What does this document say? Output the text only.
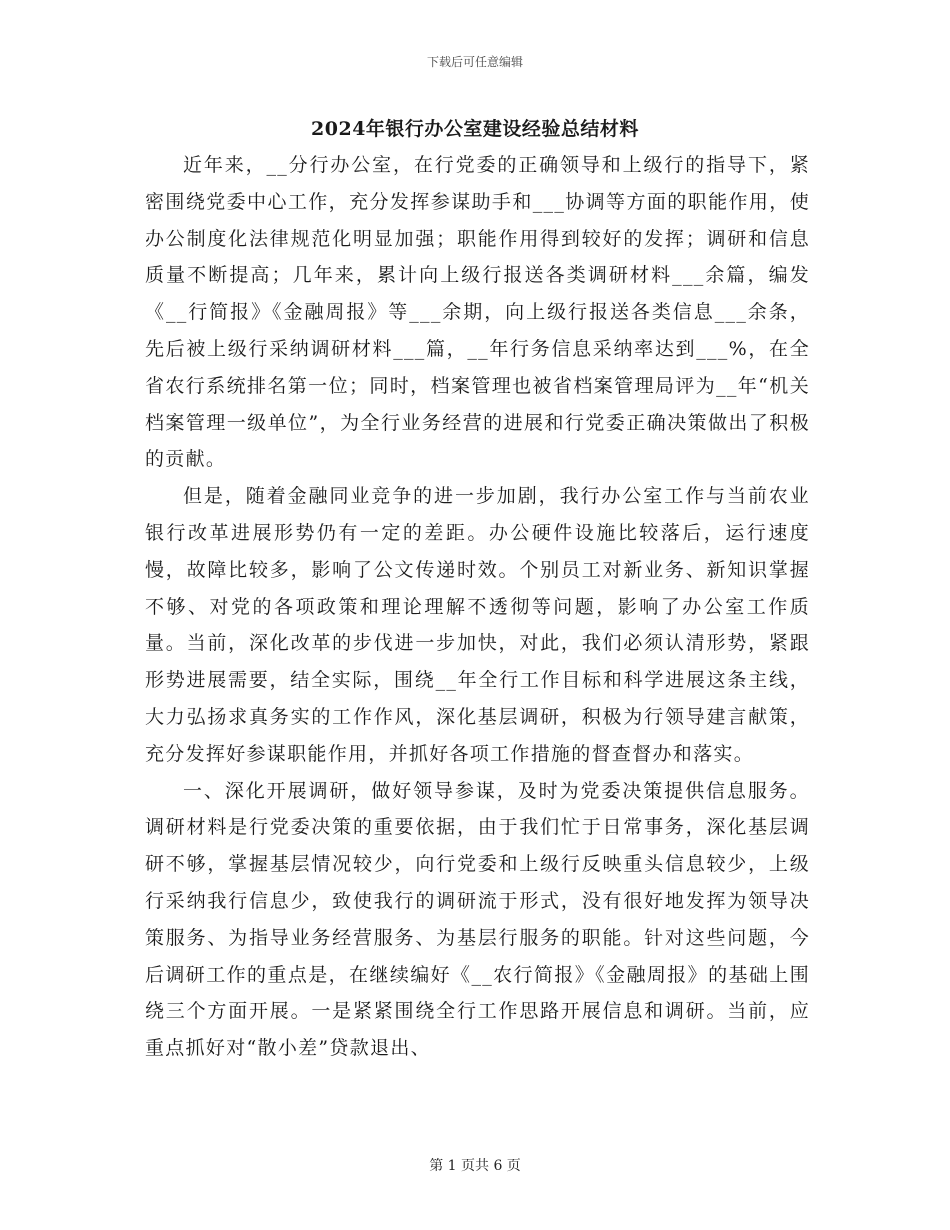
下载后可任意编辑
2024年银行办公室建设经验总结材料

近年来，__分行办公室，在行党委的正确领导和上级行的指导下，紧密围绕党委中心工作，充分发挥参谋助手和___协调等方面的职能作用，使办公制度化法律规范化明显加强；职能作用得到较好的发挥；调研和信息质量不断提高；几年来，累计向上级行报送各类调研材料___余篇，编发《__行简报》《金融周报》等___余期，向上级行报送各类信息___余条，先后被上级行采纳调研材料___篇，__年行务信息采纳率达到___%，在全省农行系统排名第一位；同时，档案管理也被省档案管理局评为__年“机关档案管理一级单位”，为全行业务经营的进展和行党委正确决策做出了积极的贡献。

但是，随着金融同业竞争的进一步加剧，我行办公室工作与当前农业银行改革进展形势仍有一定的差距。办公硬件设施比较落后，运行速度慢，故障比较多，影响了公文传递时效。个别员工对新业务、新知识掌握不够、对党的各项政策和理论理解不透彻等问题，影响了办公室工作质量。当前，深化改革的步伐进一步加快，对此，我们必须认清形势，紧跟形势进展需要，结全实际，围绕__年全行工作目标和科学进展这条主线，大力弘扬求真务实的工作作风，深化基层调研，积极为行领导建言献策，充分发挥好参谋职能作用，并抓好各项工作措施的督查督办和落实。

一、深化开展调研，做好领导参谋，及时为党委决策提供信息服务。调研材料是行党委决策的重要依据，由于我们忙于日常事务，深化基层调研不够，掌握基层情况较少，向行党委和上级行反映重头信息较少，上级行采纳我行信息少，致使我行的调研流于形式，没有很好地发挥为领导决策服务、为指导业务经营服务、为基层行服务的职能。针对这些问题，今后调研工作的重点是，在继续编好《__农行简报》《金融周报》的基础上围绕三个方面开展。一是紧紧围绕全行工作思路开展信息和调研。当前，应重点抓好对“散小差”贷款退出、

第 1 页共 6 页
